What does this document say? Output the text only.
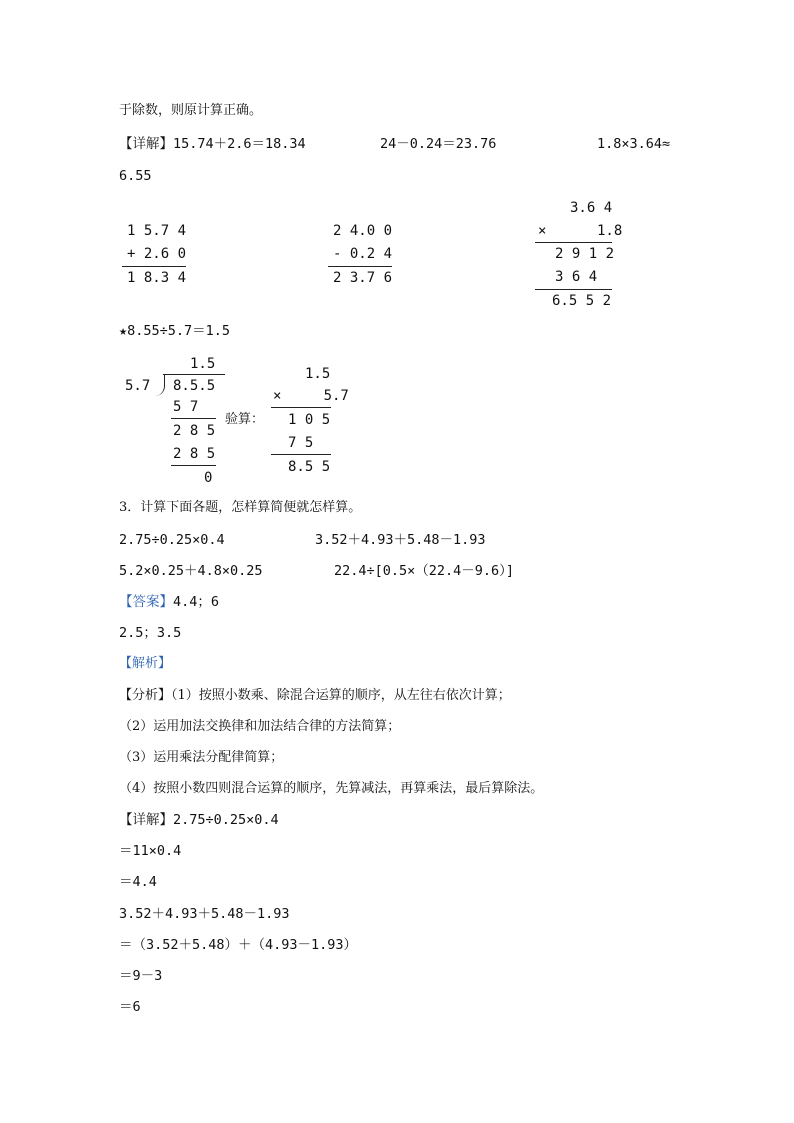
于除数，则原计算正确。
【详解】15.74＋2.6＝18.34	24－0.24＝23.76	1.8×3.64≈
6.55
1 5.7 4
+ 2.6 0
1 8.3 4
2 4.0 0
- 0.2 4
2 3.7 6
3.6 4
×      1.8
2 9 1 2
3 6 4
6.5 5 2
★8.55÷5.7＝1.5
1.5
5.7 8.5.5
5 7
2 8 5
2 8 5
0
验算：
1.5
×     5.7
1 0 5
7 5
8.5 5
3．计算下面各题，怎样算简便就怎样算。
2.75÷0.25×0.4	3.52＋4.93＋5.48－1.93
5.2×0.25＋4.8×0.25	22.4÷[0.5×（22.4－9.6）]
【答案】4.4；6
2.5；3.5
【解析】
【分析】（1）按照小数乘、除混合运算的顺序，从左往右依次计算；
（2）运用加法交换律和加法结合律的方法简算；
（3）运用乘法分配律简算；
（4）按照小数四则混合运算的顺序，先算减法，再算乘法，最后算除法。
【详解】2.75÷0.25×0.4
＝11×0.4
＝4.4
3.52＋4.93＋5.48－1.93
＝（3.52＋5.48）＋（4.93－1.93）
＝9－3
＝6
